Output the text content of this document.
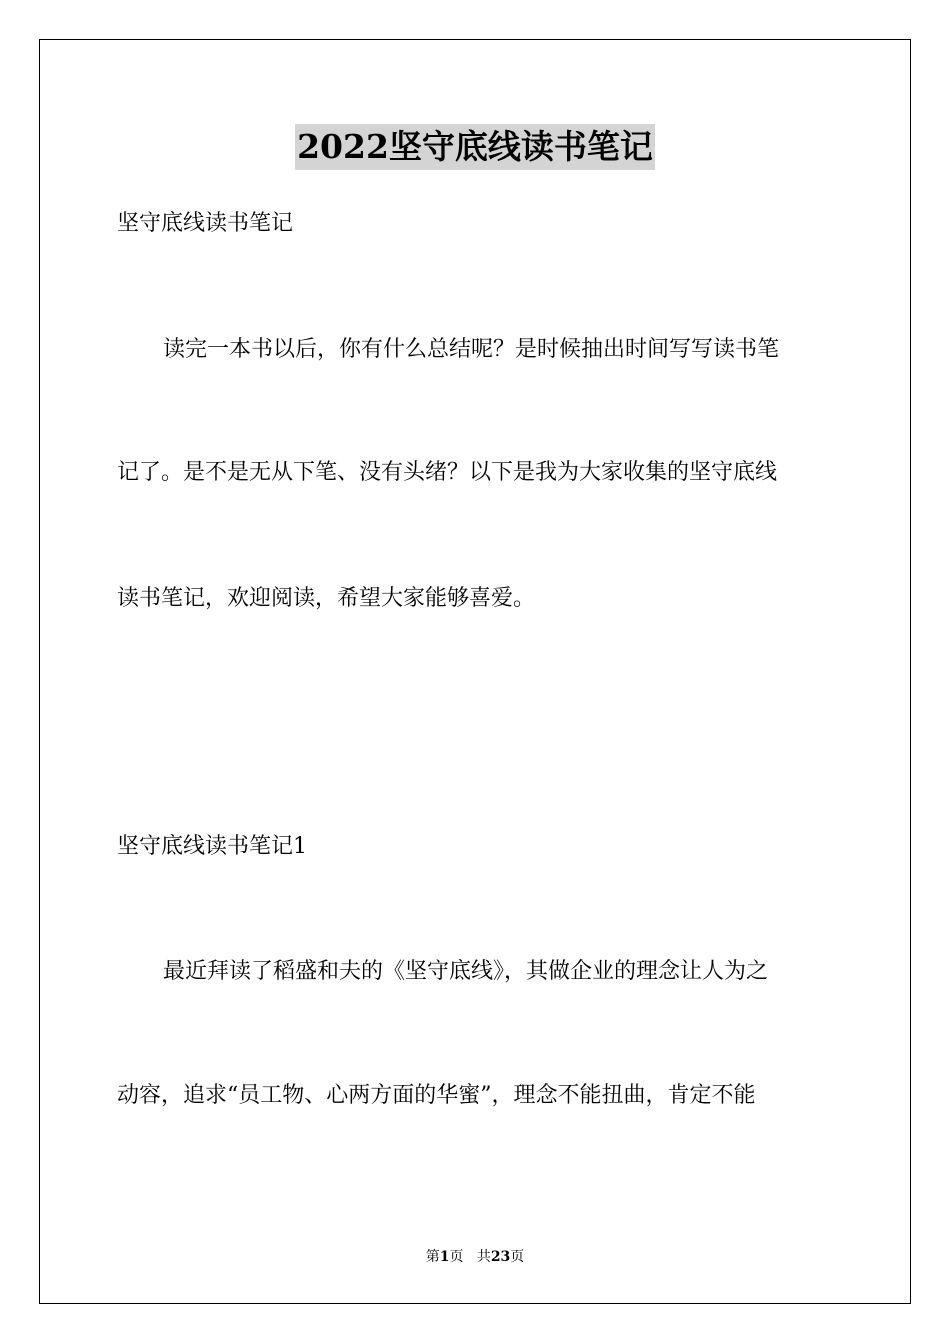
2022坚守底线读书笔记
坚守底线读书笔记
读完一本书以后，你有什么总结呢？是时候抽出时间写写读书笔
记了。是不是无从下笔、没有头绪？以下是我为大家收集的坚守底线
读书笔记，欢迎阅读，希望大家能够喜爱。
坚守底线读书笔记1
最近拜读了稻盛和夫的《坚守底线》，其做企业的理念让人为之
动容，追求“员工物、心两方面的华蜜”，理念不能扭曲，肯定不能
第1页 共23页
